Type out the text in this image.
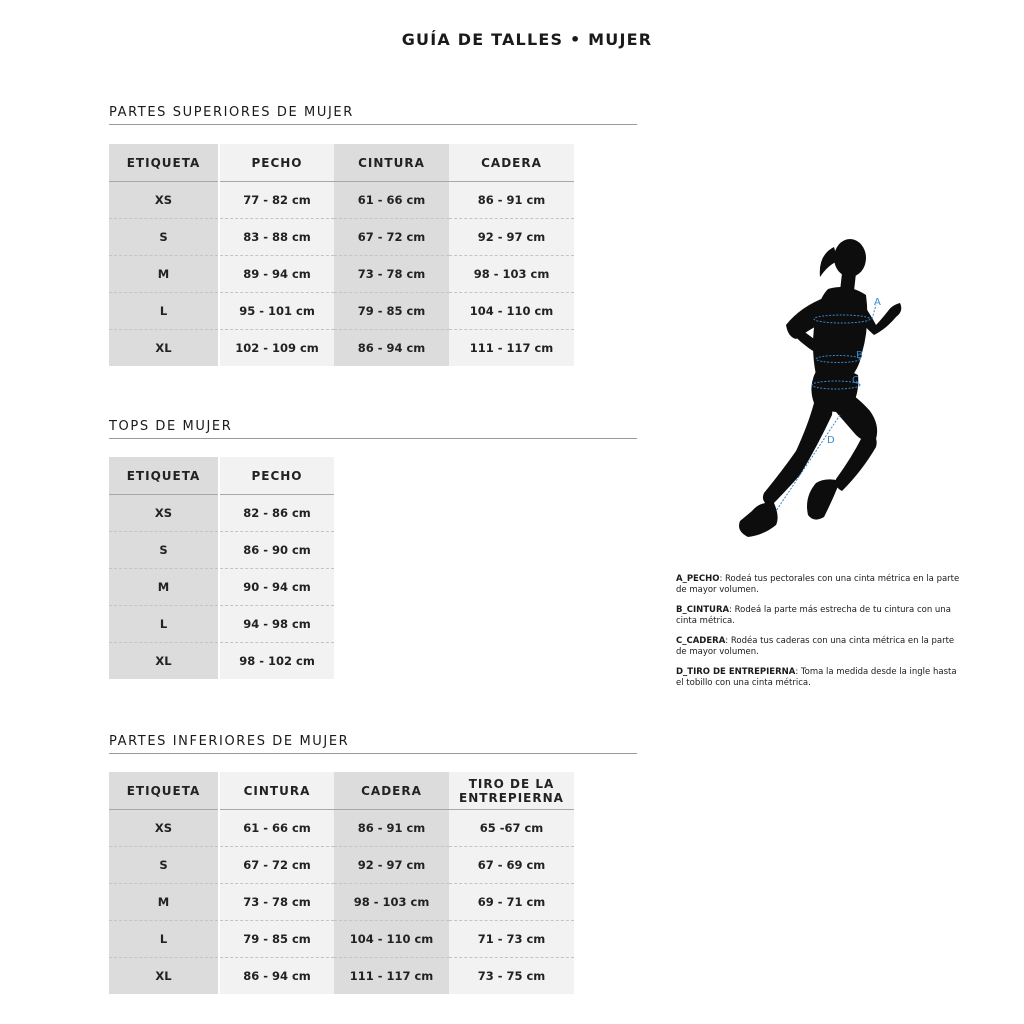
GUÍA DE TALLES • MUJER
PARTES SUPERIORES DE MUJER
ETIQUETA	PECHO	CINTURA	CADERA
XS	77 - 82 cm	61 - 66 cm	86 - 91 cm
S	83 - 88 cm	67 - 72 cm	92 - 97 cm
M	89 - 94 cm	73 - 78 cm	98 - 103 cm
L	95 - 101 cm	79 - 85 cm	104 - 110 cm
XL	102 - 109 cm	86 - 94 cm	111 - 117 cm
TOPS DE MUJER
ETIQUETA	PECHO
XS	82 - 86 cm
S	86 - 90 cm
M	90 - 94 cm
L	94 - 98 cm
XL	98 - 102 cm
PARTES INFERIORES DE MUJER
ETIQUETA	CINTURA	CADERA	TIRO DE LA
ENTREPIERNA
XS	61 - 66 cm	86 - 91 cm	65 -67 cm
S	67 - 72 cm	92 - 97 cm	67 - 69 cm
M	73 - 78 cm	98 - 103 cm	69 - 71 cm
L	79 - 85 cm	104 - 110 cm	71 - 73 cm
XL	86 - 94 cm	111 - 117 cm	73 - 75 cm
A
B
C
D
A_PECHO: Rodeá tus pectorales con una cinta métrica en la parte de mayor volumen.
B_CINTURA: Rodeá la parte más estrecha de tu cintura con una cinta métrica.
C_CADERA: Rodéa tus caderas con una cinta métrica en la parte de mayor volumen.
D_TIRO DE ENTREPIERNA: Toma la medida desde la ingle hasta el tobillo con una cinta métrica.
